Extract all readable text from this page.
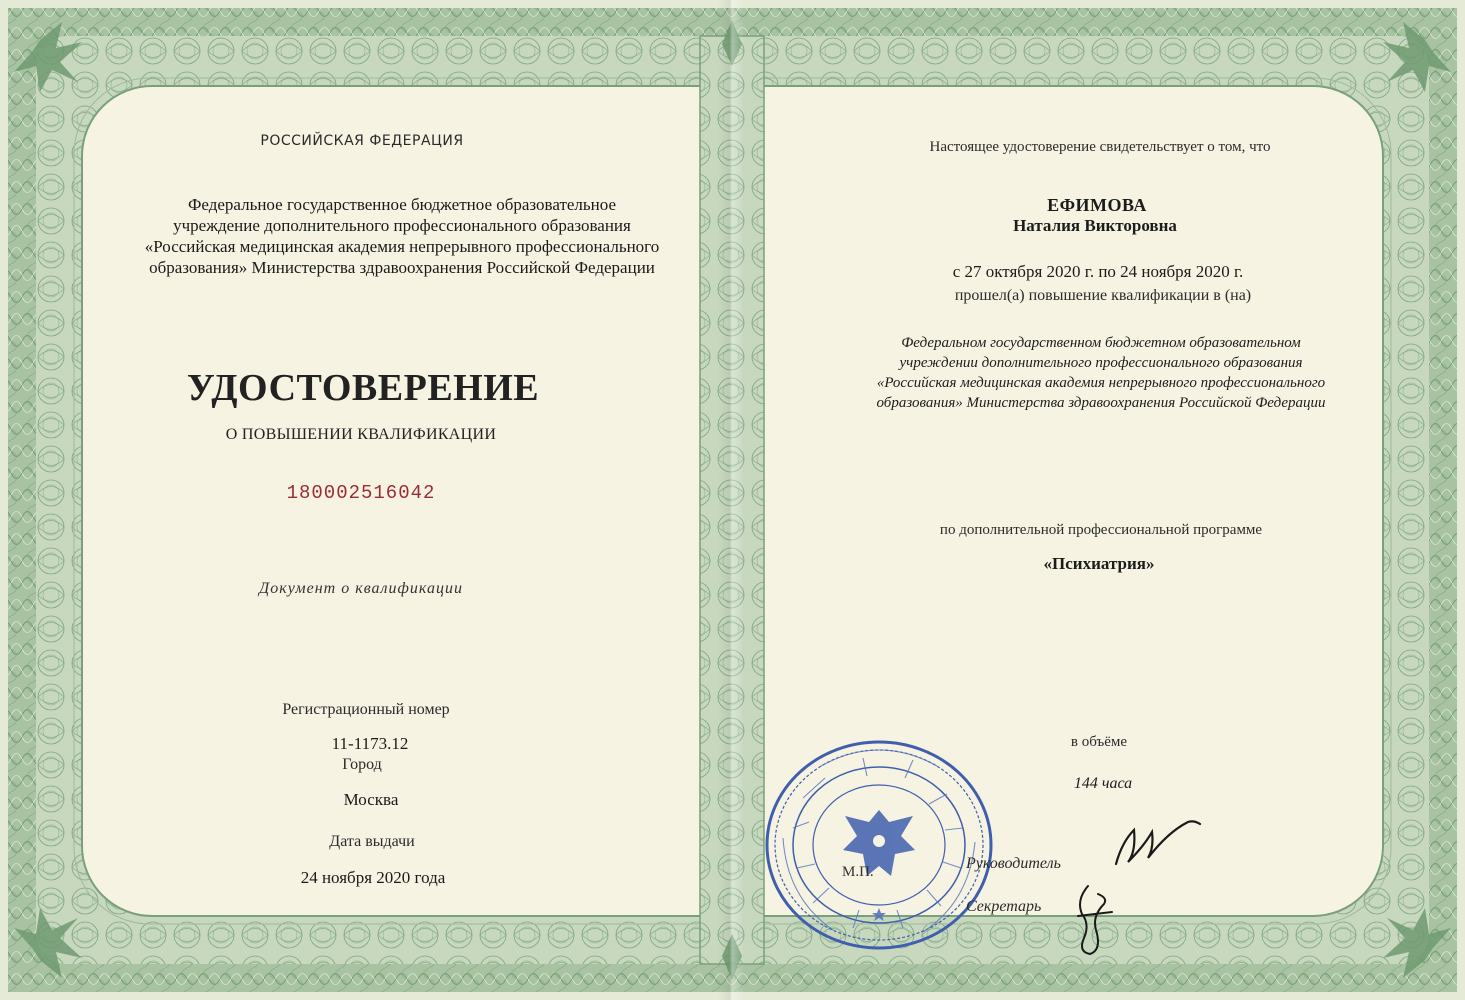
РОССИЙСКАЯ ФЕДЕРАЦИЯ
Федеральное государственное бюджетное образовательное
учреждение дополнительного профессионального образования
«Российская медицинская академия непрерывного профессионального
образования» Министерства здравоохранения Российской Федерации
УДОСТОВЕРЕНИЕ
О ПОВЫШЕНИИ КВАЛИФИКАЦИИ
180002516042
Документ о квалификации
Регистрационный номер
11-1173.12
Город
Москва
Дата выдачи
24 ноября 2020 года
Настоящее удостоверение свидетельствует о том, что
ЕФИМОВА
Наталия Викторовна
с 27 октября 2020 г. по 24 ноября 2020 г.
прошел(а) повышение квалификации в (на)
Федеральном государственном бюджетном образовательном
учреждении дополнительного профессионального образования
«Российская медицинская академия непрерывного профессионального
образования» Министерства здравоохранения Российской Федерации
по дополнительной профессиональной программе
«Психиатрия»
в объёме
144 часа
М.П.	Руководитель
Секретарь
